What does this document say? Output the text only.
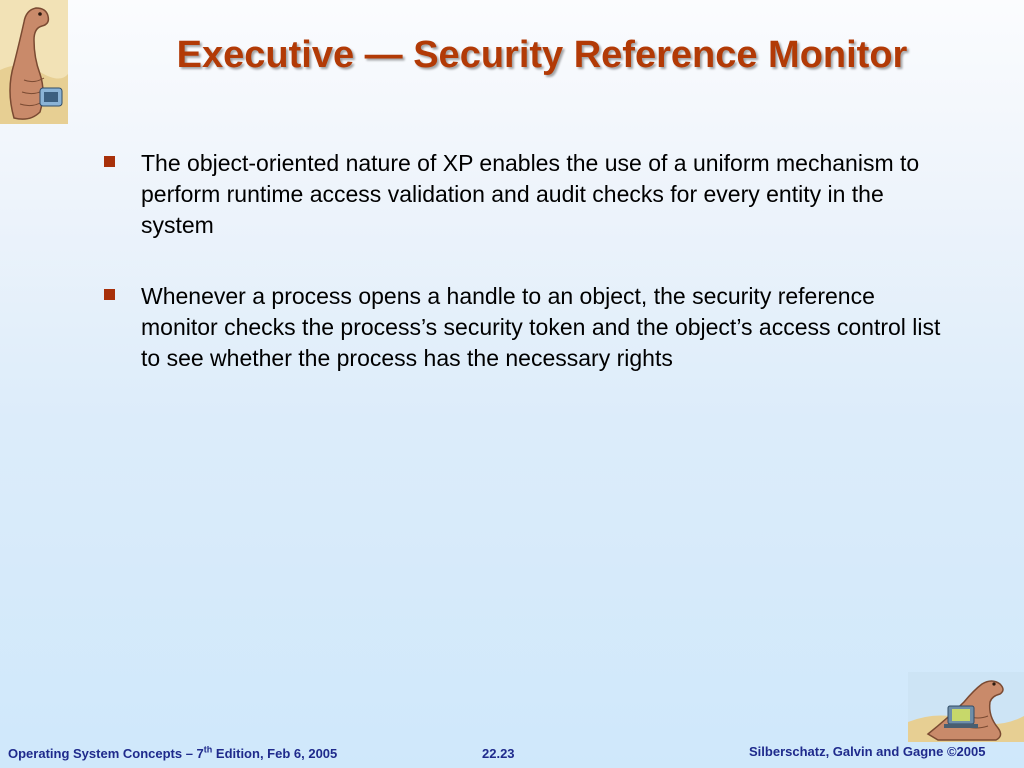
Executive — Security Reference Monitor
The object-oriented nature of XP enables the use of a uniform mechanism to perform runtime access validation and audit checks for every entity in the system
Whenever a process opens a handle to an object, the security reference monitor checks the process’s security token and the object’s access control list to see whether the process has the necessary rights
Operating System Concepts – 7th Edition, Feb 6, 2005	22.23	Silberschatz, Galvin and Gagne ©2005
